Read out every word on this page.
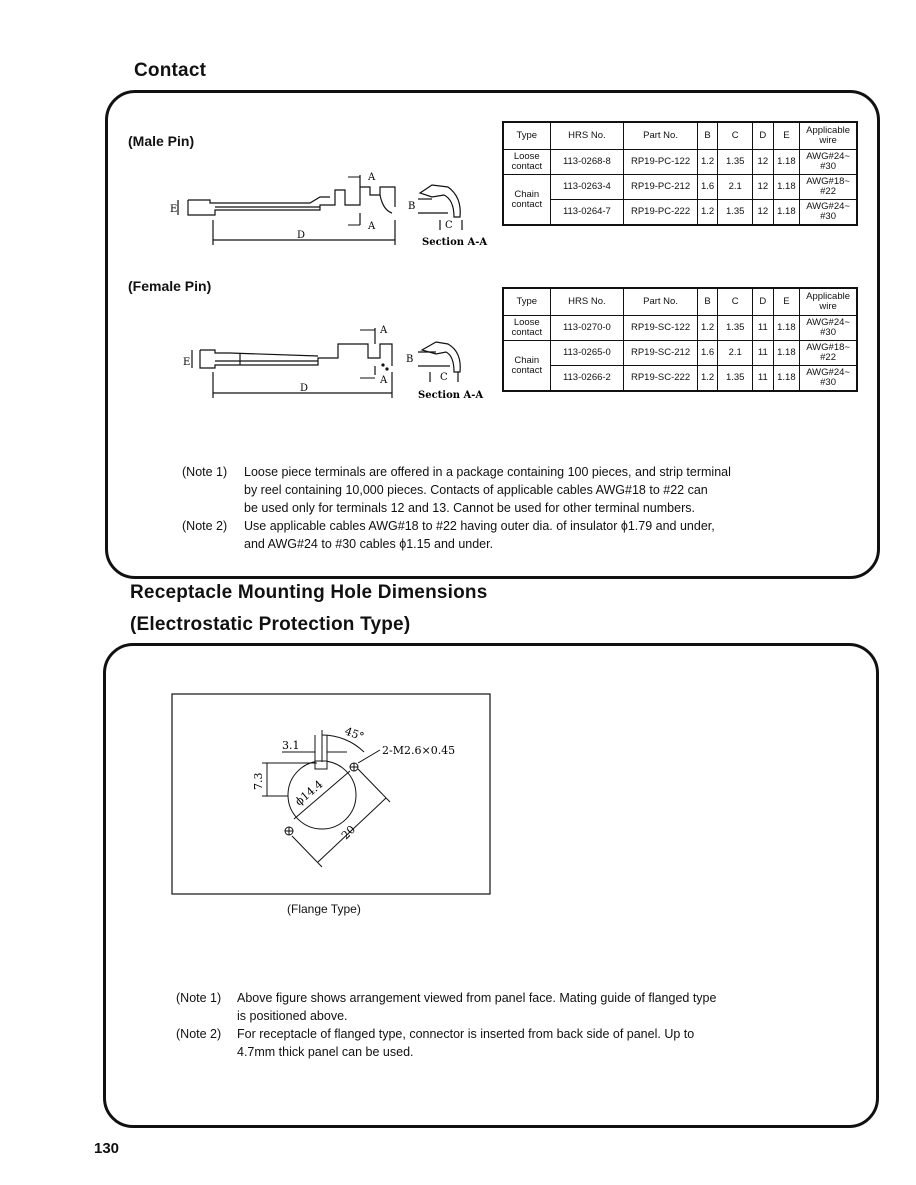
Contact
(Male Pin)
A
A
E
D
B
C
Section A-A
Type	HRS No.	Part No.	B	C	D	E	Applicable wire
Loose contact	113-0268-8	RP19-PC-122	1.2	1.35	12	1.18	AWG#24~ #30
Chain contact	113-0263-4	RP19-PC-212	1.6	2.1	12	1.18	AWG#18~ #22
	113-0264-7	RP19-PC-222	1.2	1.35	12	1.18	AWG#24~ #30
(Female Pin)
A
A
E
D
B
C
Section A-A
Type	HRS No.	Part No.	B	C	D	E	Applicable wire
Loose contact	113-0270-0	RP19-SC-122	1.2	1.35	11	1.18	AWG#24~ #30
Chain contact	113-0265-0	RP19-SC-212	1.6	2.1	11	1.18	AWG#18~ #22
	113-0266-2	RP19-SC-222	1.2	1.35	11	1.18	AWG#24~ #30
(Note 1)	Loose piece terminals are offered in a package containing 100 pieces, and strip terminal
by reel containing 10,000 pieces. Contacts of applicable cables AWG#18 to #22 can
be used only for terminals 12 and 13. Cannot be used for other terminal numbers.
(Note 2)	Use applicable cables AWG#18 to #22 having outer dia. of insulator ϕ1.79 and under,
and AWG#24 to #30 cables ϕ1.15 and under.
Receptacle Mounting Hole Dimensions
(Electrostatic Protection Type)
3.1
45°
2-M2.6×0.45
7.3	ϕ14.4
20
(Flange Type)
(Note 1)	Above figure shows arrangement viewed from panel face. Mating guide of flanged type
is positioned above.
(Note 2)	For receptacle of flanged type, connector is inserted from back side of panel. Up to
4.7mm thick panel can be used.
130
